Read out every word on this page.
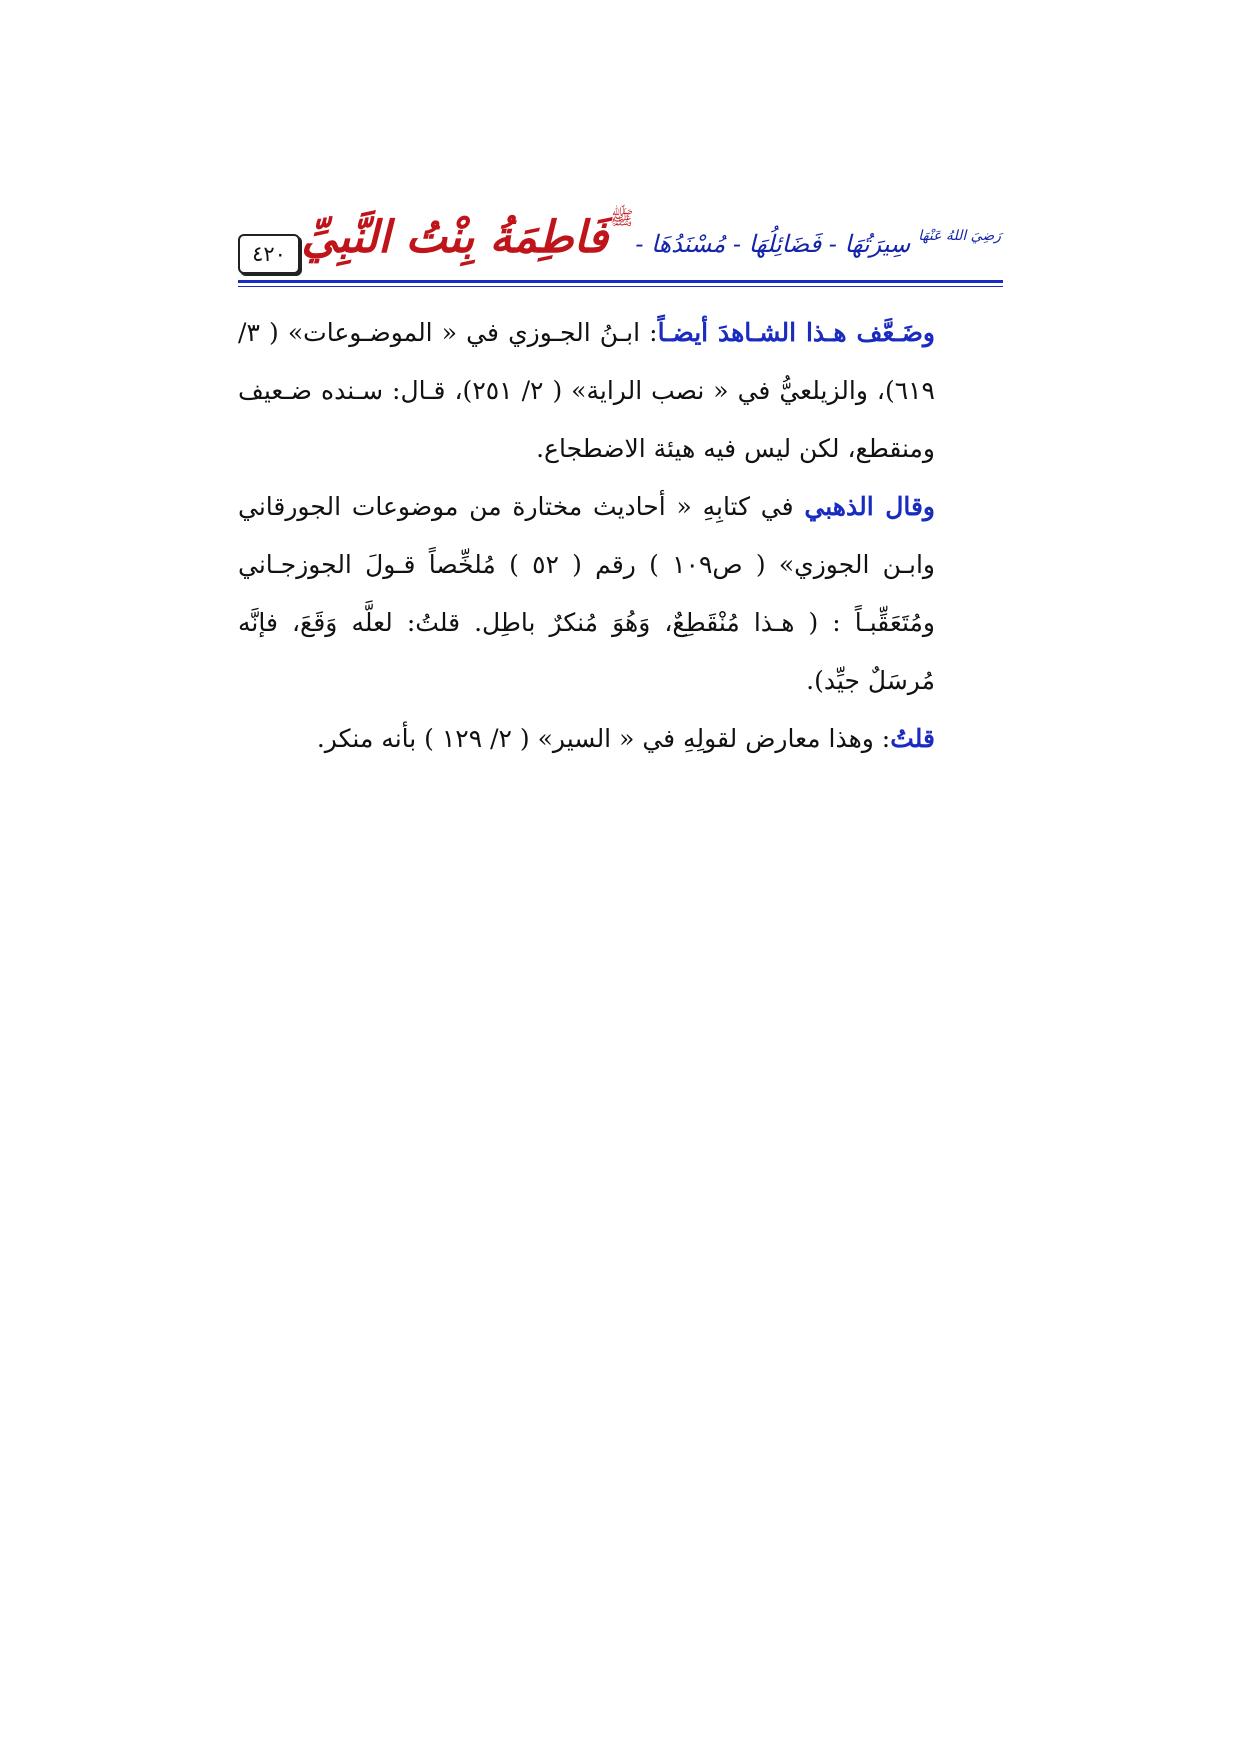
٤٢٠ فَاطِمَةُ بِنْتُ النَّبِيِّ ﷺ
سِيرَتُهَا - فَضَائِلُهَا - مُسْنَدُهَا - رَضِيَ اللهُ عَنْهَا

وضَـعَّف هـذا الشـاهدَ أيضـاً: ابـنُ الجـوزي في « الموضـوعات» ( ٣/ ٦١٩)، والزيلعيُّ في « نصب الراية» ( ٢/ ٢٥١)، قـال: سـنده ضـعيف ومنقطع، لكن ليس فيه هيئة الاضطجاع.

وقال الذهبي في كتابِهِ « أحاديث مختارة من موضوعات الجورقاني وابـن الجوزي» ( ص١٠٩ ) رقم ( ٥٢ ) مُلخِّصاً قـولَ الجوزجـاني ومُتَعَقِّبـاً : ( هـذا مُنْقَطِعٌ، وَهُوَ مُنكرٌ باطِل. قلتُ: لعلَّه وَقَعَ، فإنَّه مُرسَلٌ جيِّد).

قلتُ: وهذا معارض لقولِهِ في « السير» ( ٢/ ١٢٩ ) بأنه منكر.
